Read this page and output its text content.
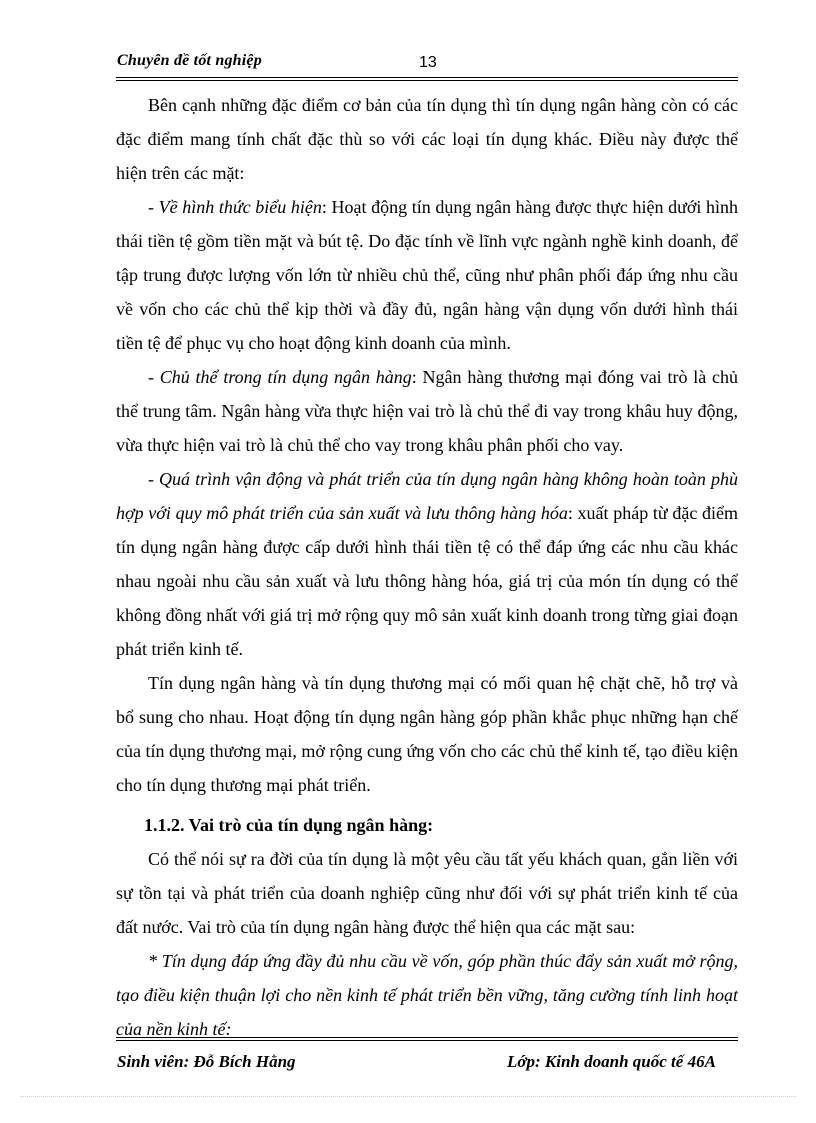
Chuyên đề tốt nghiệp	13

Bên cạnh những đặc điểm cơ bản của tín dụng thì tín dụng ngân hàng còn có các đặc điểm mang tính chất đặc thù so với các loại tín dụng khác. Điều này được thể hiện trên các mặt:

- Về hình thức biểu hiện: Hoạt động tín dụng ngân hàng được thực hiện dưới hình thái tiền tệ gồm tiền mặt và bút tệ. Do đặc tính về lĩnh vực ngành nghề kinh doanh, để tập trung được lượng vốn lớn từ nhiều chủ thể, cũng như phân phối đáp ứng nhu cầu về vốn cho các chủ thể kịp thời và đầy đủ, ngân hàng vận dụng vốn dưới hình thái tiền tệ để phục vụ cho hoạt động kinh doanh của mình.

- Chủ thể trong tín dụng ngân hàng: Ngân hàng thương mại đóng vai trò là chủ thể trung tâm. Ngân hàng vừa thực hiện vai trò là chủ thể đi vay trong khâu huy động, vừa thực hiện vai trò là chủ thể cho vay trong khâu phân phối cho vay.

- Quá trình vận động và phát triển của tín dụng ngân hàng không hoàn toàn phù hợp với quy mô phát triển của sản xuất và lưu thông hàng hóa: xuất pháp từ đặc điểm tín dụng ngân hàng được cấp dưới hình thái tiền tệ có thể đáp ứng các nhu cầu khác nhau ngoài nhu cầu sản xuất và lưu thông hàng hóa, giá trị của món tín dụng có thể không đồng nhất với giá trị mở rộng quy mô sản xuất kinh doanh trong từng giai đoạn phát triển kinh tế.

Tín dụng ngân hàng và tín dụng thương mại có mối quan hệ chặt chẽ, hỗ trợ và bổ sung cho nhau. Hoạt động tín dụng ngân hàng góp phần khắc phục những hạn chế của tín dụng thương mại, mở rộng cung ứng vốn cho các chủ thể kinh tế, tạo điều kiện cho tín dụng thương mại phát triển.

1.1.2. Vai trò của tín dụng ngân hàng:

Có thể nói sự ra đời của tín dụng là một yêu cầu tất yếu khách quan, gắn liền với sự tồn tại và phát triển của doanh nghiệp cũng như đối với sự phát triển kinh tế của đất nước. Vai trò của tín dụng ngân hàng được thể hiện qua các mặt sau:

* Tín dụng đáp ứng đầy đủ nhu cầu về vốn, góp phần thúc đẩy sản xuất mở rộng, tạo điều kiện thuận lợi cho nền kinh tế phát triển bền vững, tăng cường tính linh hoạt của nền kinh tế:

Sinh viên: Đỗ Bích Hằng	Lớp: Kinh doanh quốc tế 46A
